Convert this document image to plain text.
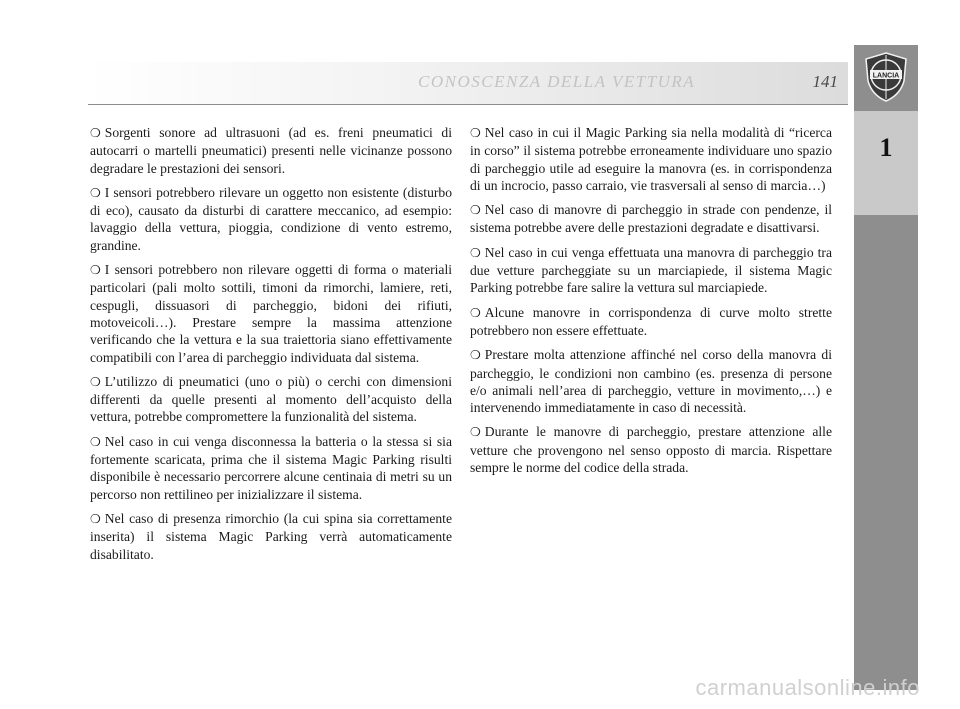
CONOSCENZA DELLA VETTURA	141	LANCIA
1

❍ Sorgenti sonore ad ultrasuoni (ad es. freni pneumatici di autocarri o martelli pneumatici) presenti nelle vicinanze possono degradare le prestazioni dei sensori.

❍ I sensori potrebbero rilevare un oggetto non esistente (disturbo di eco), causato da disturbi di carattere meccanico, ad esempio: lavaggio della vettura, pioggia, condizione di vento estremo, grandine.

❍ I sensori potrebbero non rilevare oggetti di forma o materiali particolari (pali molto sottili, timoni da rimorchi, lamiere, reti, cespugli, dissuasori di parcheggio, bidoni dei rifiuti, motoveicoli…). Prestare sempre la massima attenzione verificando che la vettura e la sua traiettoria siano effettivamente compatibili con l’area di parcheggio individuata dal sistema.

❍ L’utilizzo di pneumatici (uno o più) o cerchi con dimensioni differenti da quelle presenti al momento dell’acquisto della vettura, potrebbe compromettere la funzionalità del sistema.

❍ Nel caso in cui venga disconnessa la batteria o la stessa si sia fortemente scaricata, prima che il sistema Magic Parking risulti disponibile è necessario percorrere alcune centinaia di metri su un percorso non rettilineo per inizializzare il sistema.

❍ Nel caso di presenza rimorchio (la cui spina sia correttamente inserita) il sistema Magic Parking verrà automaticamente disabilitato.

❍ Nel caso in cui il Magic Parking sia nella modalità di “ricerca in corso” il sistema potrebbe erroneamente individuare uno spazio di parcheggio utile ad eseguire la manovra (es. in corrispondenza di un incrocio, passo carraio, vie trasversali al senso di marcia…)

❍ Nel caso di manovre di parcheggio in strade con pendenze, il sistema potrebbe avere delle prestazioni degradate e disattivarsi.

❍ Nel caso in cui venga effettuata una manovra di parcheggio tra due vetture parcheggiate su un marciapiede, il sistema Magic Parking potrebbe fare salire la vettura sul marciapiede.

❍ Alcune manovre in corrispondenza di curve molto strette potrebbero non essere effettuate.

❍ Prestare molta attenzione affinché nel corso della manovra di parcheggio, le condizioni non cambino (es. presenza di persone e/o animali nell’area di parcheggio, vetture in movimento,…) e intervenendo immediatamente in caso di necessità.

❍ Durante le manovre di parcheggio, prestare attenzione alle vetture che provengono nel senso opposto di marcia. Rispettare sempre le norme del codice della strada.

carmanualsonline.info
